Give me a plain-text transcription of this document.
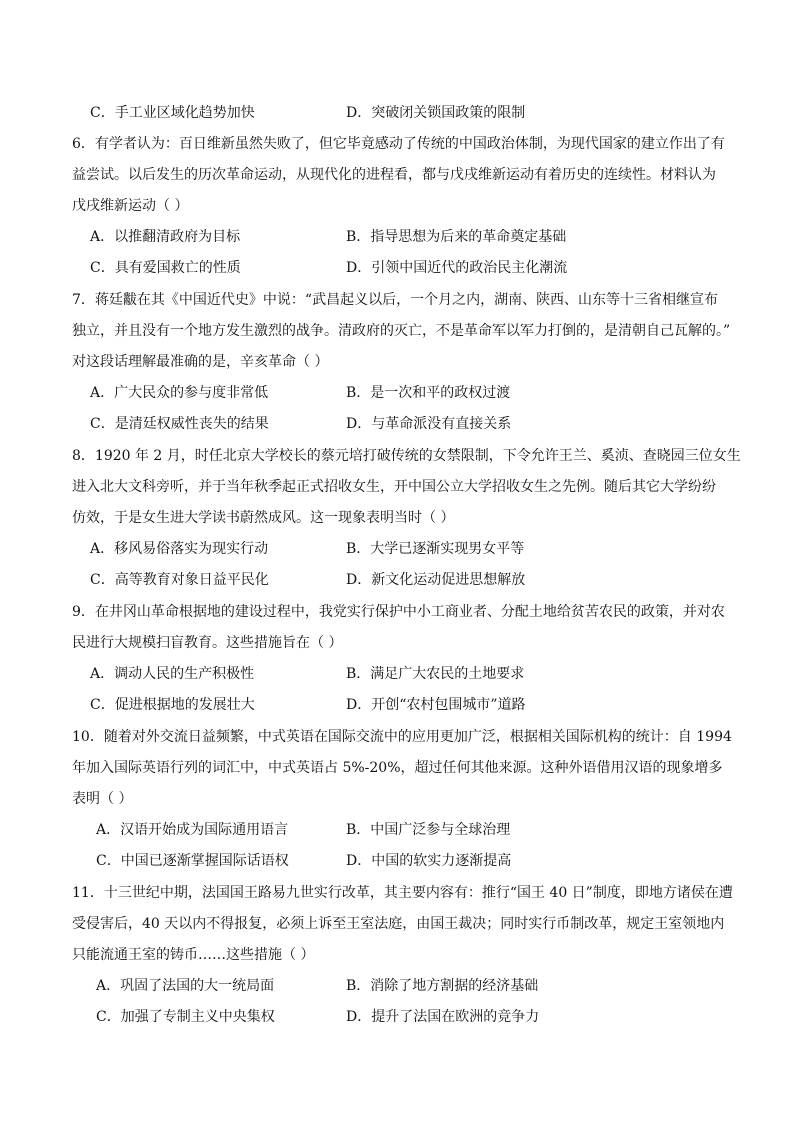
C．手工业区域化趋势加快	D．突破闭关锁国政策的限制
6．有学者认为：百日维新虽然失败了，但它毕竟感动了传统的中国政治体制，为现代国家的建立作出了有
益尝试。以后发生的历次革命运动，从现代化的进程看，都与戊戌维新运动有着历史的连续性。材料认为
戊戌维新运动（ ）
A．以推翻清政府为目标	B．指导思想为后来的革命奠定基础
C．具有爱国救亡的性质	D．引领中国近代的政治民主化潮流
7．蒋廷黻在其《中国近代史》中说：“武昌起义以后，一个月之内，湖南、陕西、山东等十三省相继宣布
独立，并且没有一个地方发生激烈的战争。清政府的灭亡，不是革命军以军力打倒的，是清朝自己瓦解的。”
对这段话理解最准确的是，辛亥革命（ ）
A．广大民众的参与度非常低	B．是一次和平的政权过渡
C．是清廷权威性丧失的结果	D．与革命派没有直接关系
8．1920 年 2 月，时任北京大学校长的蔡元培打破传统的女禁限制，下令允许王兰、奚浈、查晓园三位女生
进入北大文科旁听，并于当年秋季起正式招收女生，开中国公立大学招收女生之先例。随后其它大学纷纷
仿效，于是女生进大学读书蔚然成风。这一现象表明当时（ ）
A．移风易俗落实为现实行动	B．大学已逐渐实现男女平等
C．高等教育对象日益平民化	D．新文化运动促进思想解放
9．在井冈山革命根据地的建设过程中，我党实行保护中小工商业者、分配土地给贫苦农民的政策，并对农
民进行大规模扫盲教育。这些措施旨在（ ）
A．调动人民的生产积极性	B．满足广大农民的土地要求
C．促进根据地的发展壮大	D．开创“农村包围城市”道路
10．随着对外交流日益频繁，中式英语在国际交流中的应用更加广泛，根据相关国际机构的统计：自 1994
年加入国际英语行列的词汇中，中式英语占 5%-20%，超过任何其他来源。这种外语借用汉语的现象增多
表明（ ）
A．汉语开始成为国际通用语言	B．中国广泛参与全球治理
C．中国已逐渐掌握国际话语权	D．中国的软实力逐渐提高
11．十三世纪中期，法国国王路易九世实行改革，其主要内容有：推行“国王 40 日”制度，即地方诸侯在遭
受侵害后，40 天以内不得报复，必须上诉至王室法庭，由国王裁决；同时实行币制改革，规定王室领地内
只能流通王室的铸币……这些措施（ ）
A．巩固了法国的大一统局面	B．消除了地方割据的经济基础
C．加强了专制主义中央集权	D．提升了法国在欧洲的竞争力
